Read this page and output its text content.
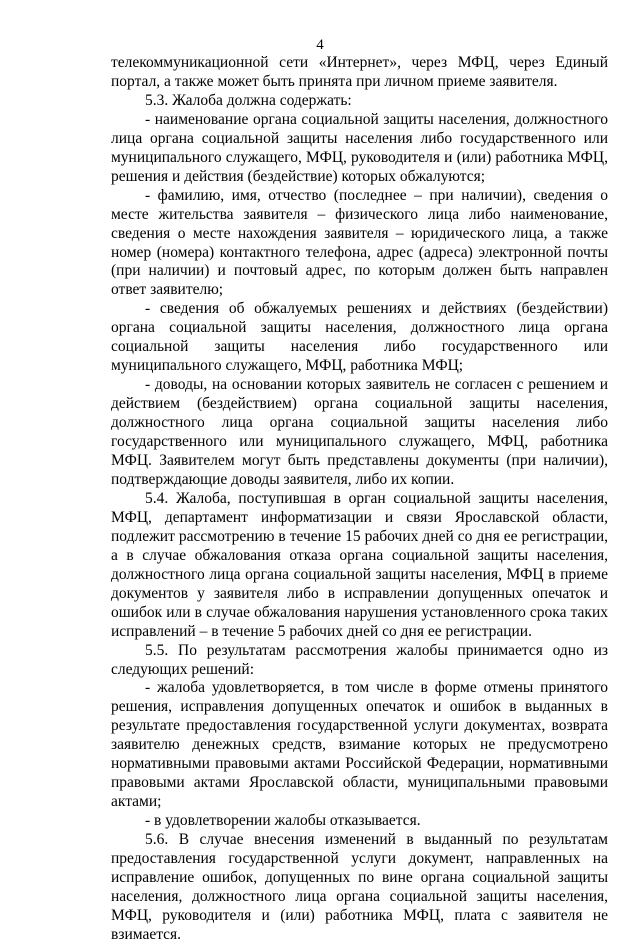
4

телекоммуникационной сети «Интернет», через МФЦ, через Единый портал, а также может быть принята при личном приеме заявителя.

5.3. Жалоба должна содержать:

- наименование органа социальной защиты населения, должностного лица органа социальной защиты населения либо государственного или муниципального служащего, МФЦ, руководителя и (или) работника МФЦ, решения и действия (бездействие) которых обжалуются;

- фамилию, имя, отчество (последнее – при наличии), сведения о месте жительства заявителя – физического лица либо наименование, сведения о месте нахождения заявителя – юридического лица, а также номер (номера) контактного телефона, адрес (адреса) электронной почты (при наличии) и почтовый адрес, по которым должен быть направлен ответ заявителю;

- сведения об обжалуемых решениях и действиях (бездействии) органа социальной защиты населения, должностного лица органа социальной защиты населения либо государственного или муниципального служащего, МФЦ, работника МФЦ;

- доводы, на основании которых заявитель не согласен с решением и действием (бездействием) органа социальной защиты населения, должностного лица органа социальной защиты населения либо государственного или муниципального служащего, МФЦ, работника МФЦ. Заявителем могут быть представлены документы (при наличии), подтверждающие доводы заявителя, либо их копии.

5.4. Жалоба, поступившая в орган социальной защиты населения, МФЦ, департамент информатизации и связи Ярославской области, подлежит рассмотрению в течение 15 рабочих дней со дня ее регистрации, а в случае обжалования отказа органа социальной защиты населения, должностного лица органа социальной защиты населения, МФЦ в приеме документов у заявителя либо в исправлении допущенных опечаток и ошибок или в случае обжалования нарушения установленного срока таких исправлений – в течение 5 рабочих дней со дня ее регистрации.

5.5. По результатам рассмотрения жалобы принимается одно из следующих решений:

- жалоба удовлетворяется, в том числе в форме отмены принятого решения, исправления допущенных опечаток и ошибок в выданных в результате предоставления государственной услуги документах, возврата заявителю денежных средств, взимание которых не предусмотрено нормативными правовыми актами Российской Федерации, нормативными правовыми актами Ярославской области, муниципальными правовыми актами;

- в удовлетворении жалобы отказывается.

5.6. В случае внесения изменений в выданный по результатам предоставления государственной услуги документ, направленных на исправление ошибок, допущенных по вине органа социальной защиты населения, должностного лица органа социальной защиты населения, МФЦ, руководителя и (или) работника МФЦ, плата с заявителя не взимается.
